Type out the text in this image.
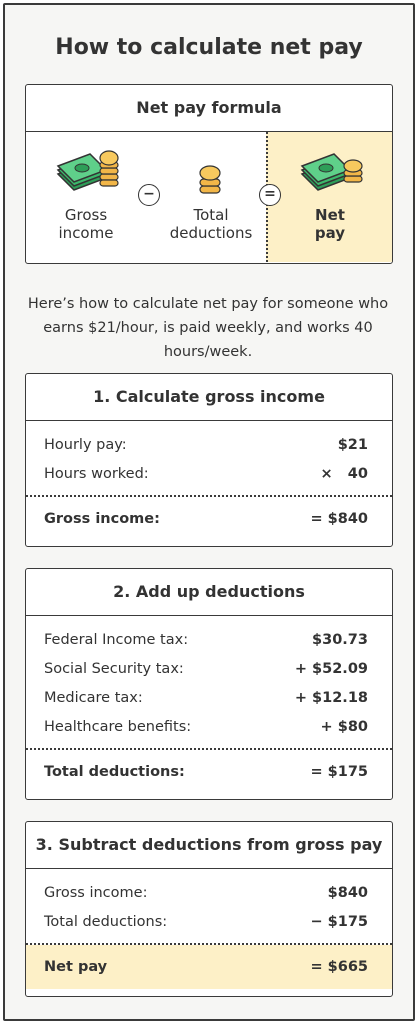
How to calculate net pay
Net pay formula
Gross
income
−
Total
deductions
=
Net
pay
Here’s how to calculate net pay for someone who earns $21/hour, is paid weekly, and works 40 hours/week.
1. Calculate gross income
Hourly pay:	$21
Hours worked:	×   40
Gross income:	= $840
2. Add up deductions
Federal Income tax:	$30.73
Social Security tax:	+ $52.09
Medicare tax:	+ $12.18
Healthcare benefits:	+ $80
Total deductions:	= $175
3. Subtract deductions from gross pay
Gross income:	$840
Total deductions:	− $175
Net pay	= $665
